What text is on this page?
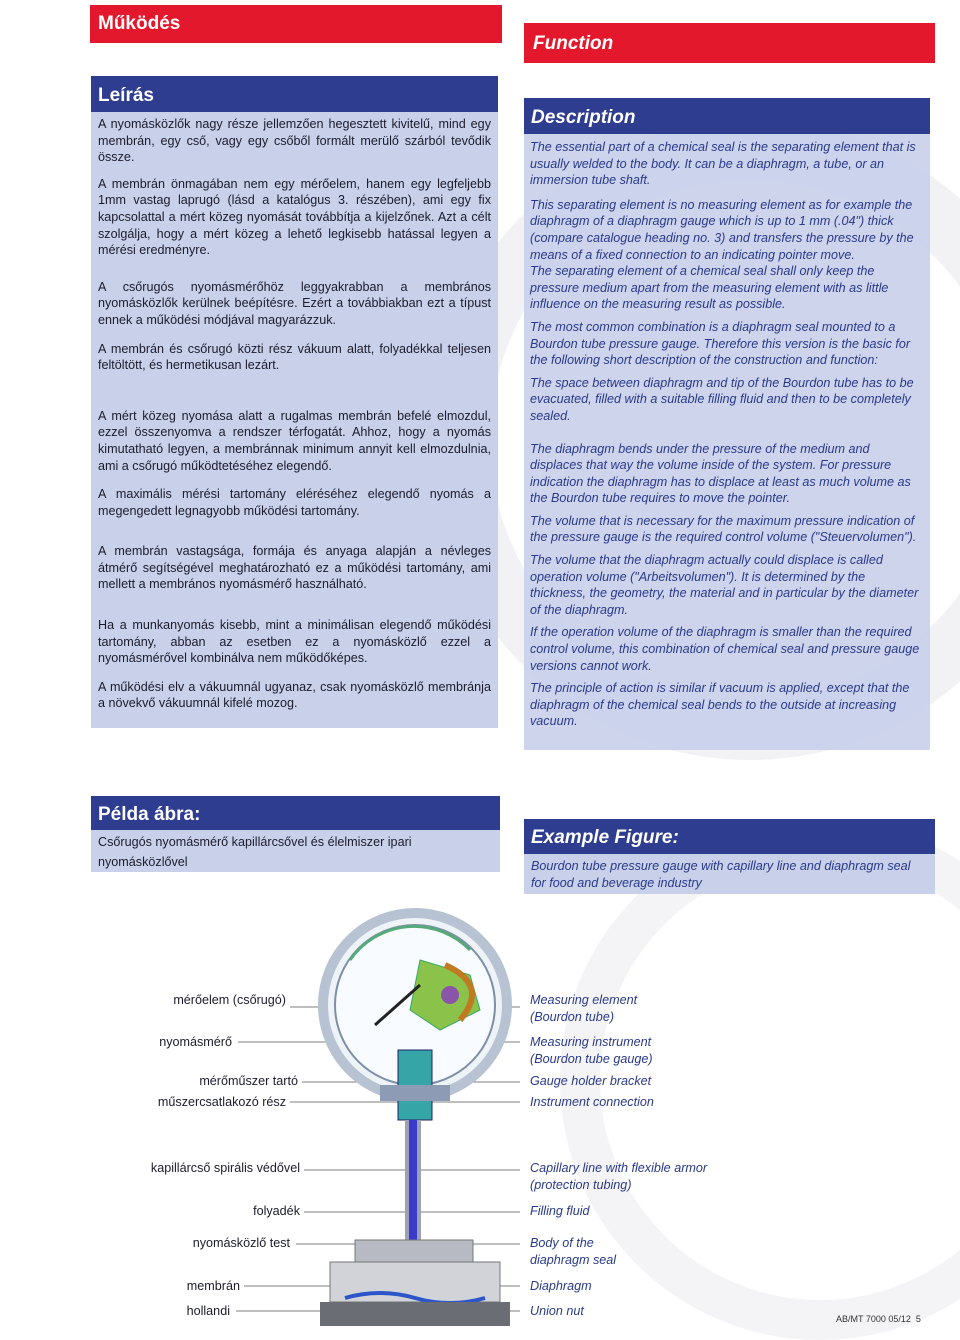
Működés
Function
Leírás

A nyomásközlők nagy része jellemzően hegesztett kivitelű, mind egy membrán, egy cső, vagy egy csőből formált merülő szárból tevődik össze.

A membrán önmagában nem egy mérőelem, hanem egy legfeljebb 1mm vastag laprugó (lásd a katalógus 3. részében), ami egy fix kapcsolattal a mért közeg nyomását továbbítja a kijelzőnek. Azt a célt szolgálja, hogy a mért közeg a lehető legkisebb hatással legyen a mérési eredményre.

A csőrugós nyomásmérőhöz leggyakrabban a membrános nyomásközlők kerülnek beépítésre. Ezért a továbbiakban ezt a típust ennek a működési módjával magyarázzuk.

A membrán és csőrugó közti rész vákuum alatt, folyadékkal teljesen feltöltött, és hermetikusan lezárt.

A mért közeg nyomása alatt a rugalmas membrán befelé elmozdul, ezzel összenyomva a rendszer térfogatát. Ahhoz, hogy a nyomás kimutatható legyen, a membránnak minimum annyit kell elmozdulnia, ami a csőrugó működtetéséhez elegendő.

A maximális mérési tartomány eléréséhez elegendő nyomás a megengedett legnagyobb működési tartomány.

A membrán vastagsága, formája és anyaga alapján a névleges átmérő segítségével meghatározható ez a működési tartomány, ami mellett a membrános nyomásmérő használható.

Ha a munkanyomás kisebb, mint a minimálisan elegendő működési tartomány, abban az esetben ez a nyomásközlő ezzel a nyomásmérővel kombinálva nem működőképes.

A működési elv a vákuumnál ugyanaz, csak nyomásközlő membránja a növekvő vákuumnál kifelé mozog.

Description

The essential part of a chemical seal is the separating element that is usually welded to the body. It can be a diaphragm, a tube, or an immersion tube shaft.

This separating element is no measuring element as for example the diaphragm of a diaphragm gauge which is up to 1 mm (.04") thick (compare catalogue heading no. 3) and transfers the pressure by the means of a fixed connection to an indicating pointer move.

The separating element of a chemical seal shall only keep the pressure medium apart from the measuring element with as little influence on the measuring result as possible.

The most common combination is a diaphragm seal mounted to a Bourdon tube pressure gauge. Therefore this version is the basic for the following short description of the construction and function:

The space between diaphragm and tip of the Bourdon tube has to be evacuated, filled with a suitable filling fluid and then to be completely sealed.

The diaphragm bends under the pressure of the medium and displaces that way the volume inside of the system. For pressure indication the diaphragm has to displace at least as much volume as the Bourdon tube requires to move the pointer.

The volume that is necessary for the maximum pressure indication of the pressure gauge is the required control volume ("Steuervolumen").

The volume that the diaphragm actually could displace is called operation volume ("Arbeitsvolumen"). It is determined by the thickness, the geometry, the material and in particular by the diameter of the diaphragm.

If the operation volume of the diaphragm is smaller than the required control volume, this combination of chemical seal and pressure gauge versions cannot work.

The principle of action is similar if vacuum is applied, except that the diaphragm of the chemical seal bends to the outside at increasing vacuum.

Példa ábra:
Csőrugós nyomásmérő kapillárcsővel és élelmiszer ipari nyomásközlővel
Example Figure:
Bourdon tube pressure gauge with capillary line and diaphragm seal for food and beverage industry
mérőelem (csőrugó)
nyomásmérő
mérőműszer tartó
műszercsatlakozó rész
kapillárcső spirális védővel
folyadék
nyomásközlő test
membrán
hollandi
Measuring element (Bourdon tube)
Measuring instrument (Bourdon tube gauge)
Gauge holder bracket
Instrument connection
Capillary line with flexible armor (protection tubing)
Filling fluid
Body of the diaphragm seal
Diaphragm
Union nut
AB/MT 7000 05/12  5
